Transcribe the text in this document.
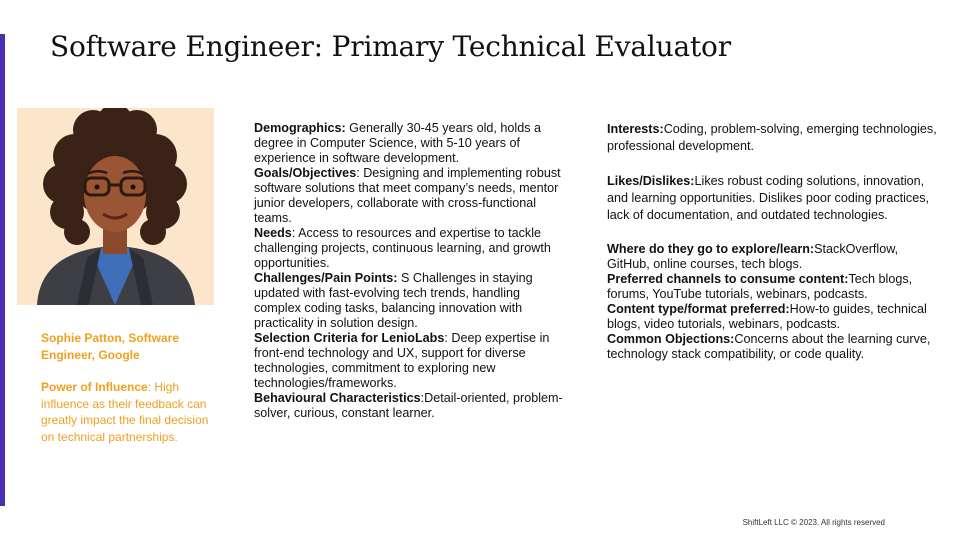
Software Engineer: Primary Technical Evaluator
Sophie Patton, Software Engineer, Google
Power of Influence: High influence as their feedback can greatly impact the final decision on technical partnerships.

Demographics: Generally 30-45 years old, holds a degree in Computer Science, with 5-10 years of experience in software development.

Goals/Objectives: Designing and implementing robust software solutions that meet company’s needs, mentor junior developers, collaborate with cross-functional teams.

Needs: Access to resources and expertise to tackle challenging projects, continuous learning, and growth opportunities.

Challenges/Pain Points: S Challenges in staying updated with fast-evolving tech trends, handling complex coding tasks, balancing innovation with practicality in solution design.

Selection Criteria for LenioLabs: Deep expertise in front-end technology and UX, support for diverse technologies, commitment to exploring new technologies/frameworks.

Behavioural Characteristics:Detail-oriented, problem-solver, curious, constant learner.

Interests:Coding, problem-solving, emerging technologies, professional development.

Likes/Dislikes:Likes robust coding solutions, innovation, and learning opportunities. Dislikes poor coding practices, lack of documentation, and outdated technologies.

Where do they go to explore/learn:StackOverflow, GitHub, online courses, tech blogs.

Preferred channels to consume content:Tech blogs, forums, YouTube tutorials, webinars, podcasts.

Content type/format preferred:How-to guides, technical blogs, video tutorials, webinars, podcasts.

Common Objections:Concerns about the learning curve, technology stack compatibility, or code quality.

ShiftLeft LLC © 2023. All rights reserved
